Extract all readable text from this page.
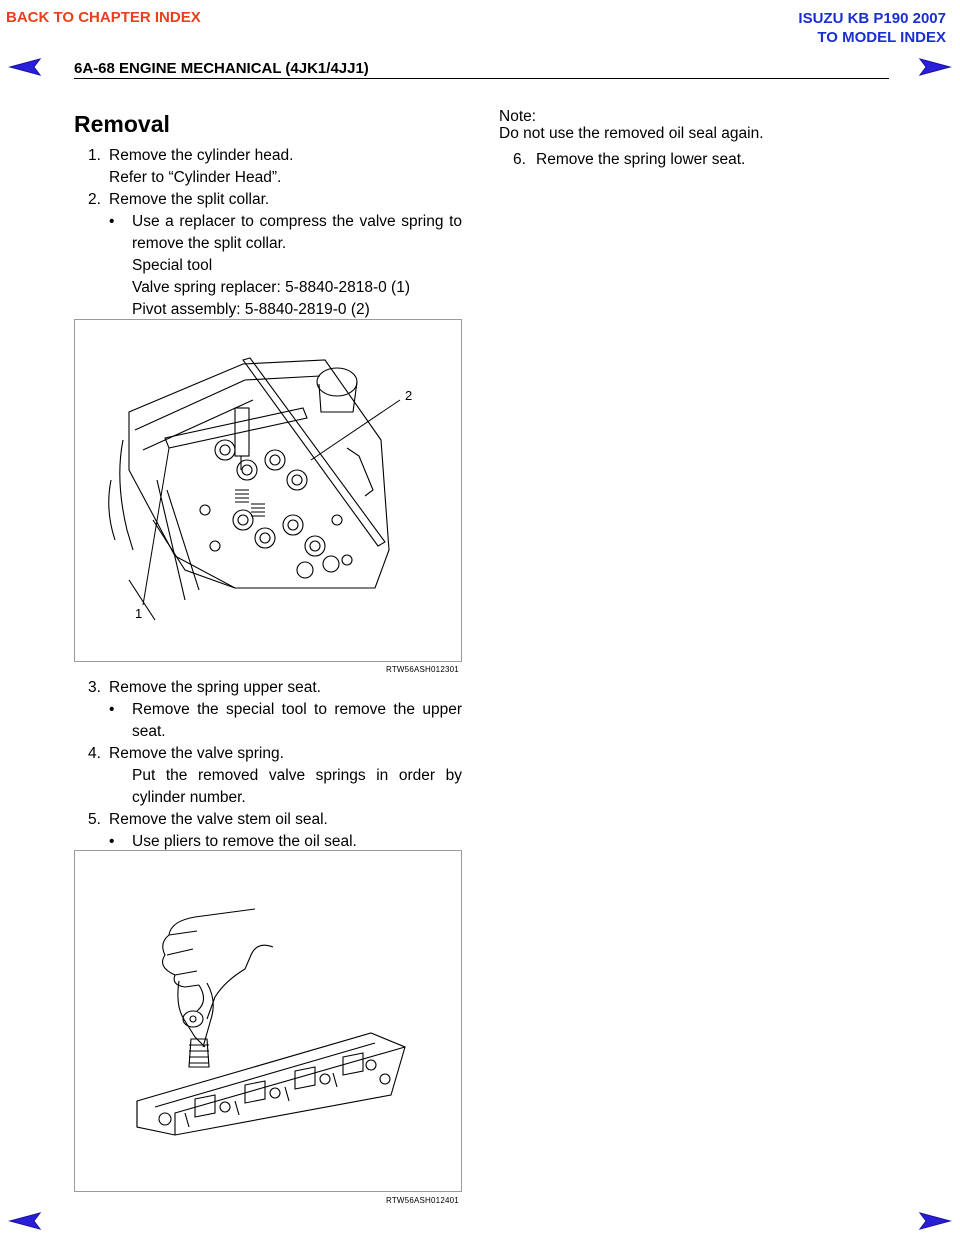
BACK TO CHAPTER INDEX	ISUZU KB P190 2007
TO MODEL INDEX
6A-68 ENGINE MECHANICAL (4JK1/4JJ1)
Removal
1. Remove the cylinder head.
Refer to “Cylinder Head”.
2. Remove the split collar.
• Use a replacer to compress the valve spring to
remove the split collar.
Special tool
Valve spring replacer: 5-8840-2818-0 (1)
Pivot assembly: 5-8840-2819-0 (2)
2
1
RTW56ASH012301
3. Remove the spring upper seat.
• Remove the special tool to remove the upper
seat.
4. Remove the valve spring.
Put the removed valve springs in order by
cylinder number.
5. Remove the valve stem oil seal.
• Use pliers to remove the oil seal.
RTW56ASH012401
Note:
Do not use the removed oil seal again.
6. Remove the spring lower seat.
